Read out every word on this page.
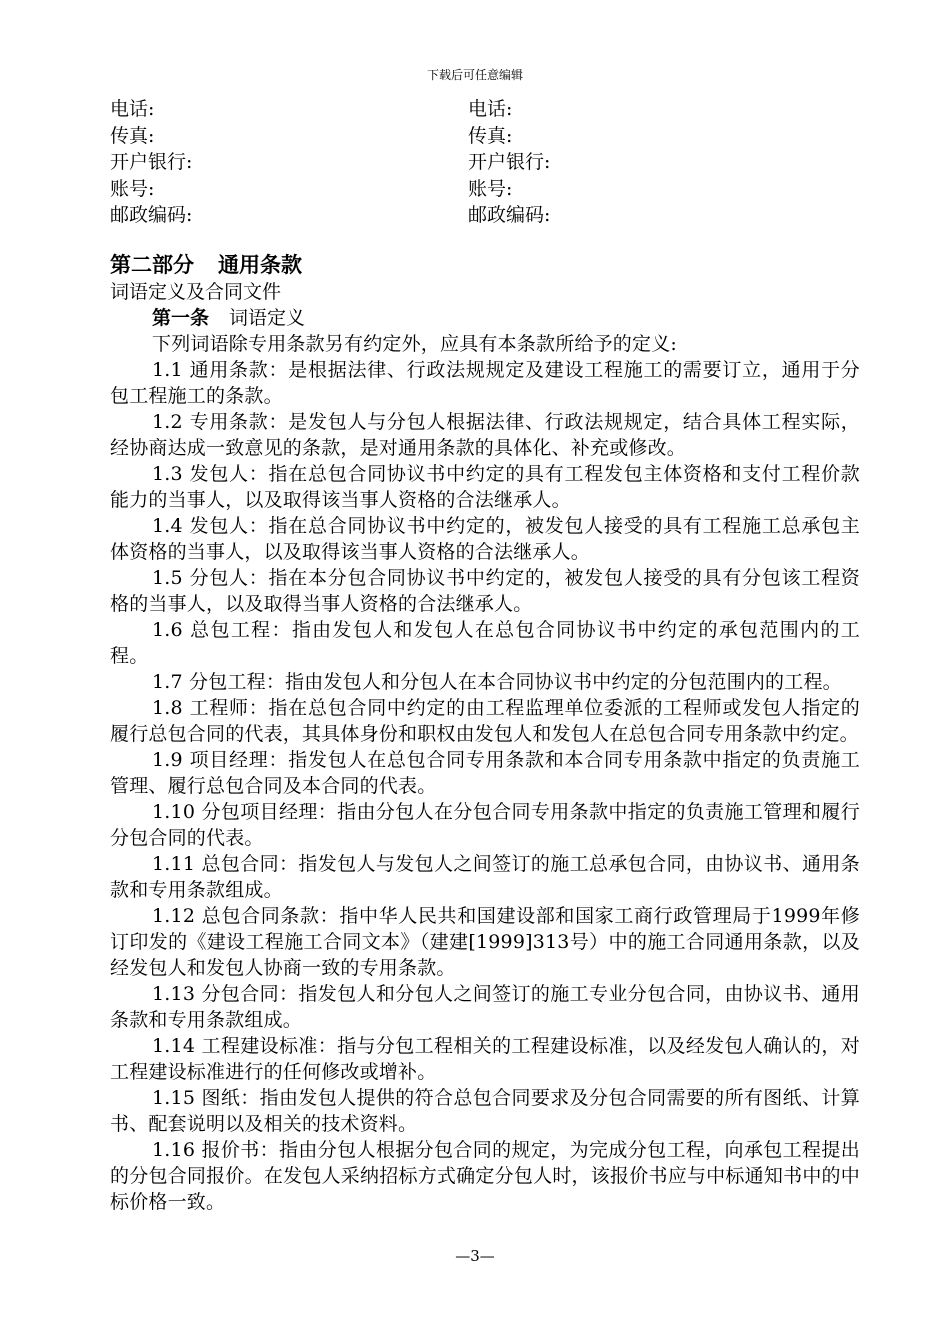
下载后可任意编辑
电话:	电话:
传真:	传真:
开户银行:	开户银行:
账号:	账号:
邮政编码:	邮政编码:
第二部分 通用条款
词语定义及合同文件
第一条 词语定义

下列词语除专用条款另有约定外，应具有本条款所给予的定义:

1.1 通用条款：是根据法律、行政法规规定及建设工程施工的需要订立，通用于分包工程施工的条款。

1.2 专用条款：是发包人与分包人根据法律、行政法规规定，结合具体工程实际，经协商达成一致意见的条款，是对通用条款的具体化、补充或修改。

1.3 发包人：指在总包合同协议书中约定的具有工程发包主体资格和支付工程价款能力的当事人，以及取得该当事人资格的合法继承人。

1.4 发包人：指在总合同协议书中约定的，被发包人接受的具有工程施工总承包主体资格的当事人，以及取得该当事人资格的合法继承人。

1.5 分包人：指在本分包合同协议书中约定的，被发包人接受的具有分包该工程资格的当事人，以及取得当事人资格的合法继承人。

1.6 总包工程：指由发包人和发包人在总包合同协议书中约定的承包范围内的工程。

1.7 分包工程：指由发包人和分包人在本合同协议书中约定的分包范围内的工程。

1.8 工程师：指在总包合同中约定的由工程监理单位委派的工程师或发包人指定的履行总包合同的代表，其具体身份和职权由发包人和发包人在总包合同专用条款中约定。

1.9 项目经理：指发包人在总包合同专用条款和本合同专用条款中指定的负责施工管理、履行总包合同及本合同的代表。

1.10 分包项目经理：指由分包人在分包合同专用条款中指定的负责施工管理和履行分包合同的代表。

1.11 总包合同：指发包人与发包人之间签订的施工总承包合同，由协议书、通用条款和专用条款组成。

1.12 总包合同条款：指中华人民共和国建设部和国家工商行政管理局于1999年修订印发的《建设工程施工合同文本》（建建[1999]313号）中的施工合同通用条款，以及经发包人和发包人协商一致的专用条款。

1.13 分包合同：指发包人和分包人之间签订的施工专业分包合同，由协议书、通用条款和专用条款组成。

1.14 工程建设标准：指与分包工程相关的工程建设标准，以及经发包人确认的，对工程建设标准进行的任何修改或增补。

1.15 图纸：指由发包人提供的符合总包合同要求及分包合同需要的所有图纸、计算书、配套说明以及相关的技术资料。

1.16 报价书：指由分包人根据分包合同的规定，为完成分包工程，向承包工程提出的分包合同报价。在发包人采纳招标方式确定分包人时，该报价书应与中标通知书中的中标价格一致。

—3—
